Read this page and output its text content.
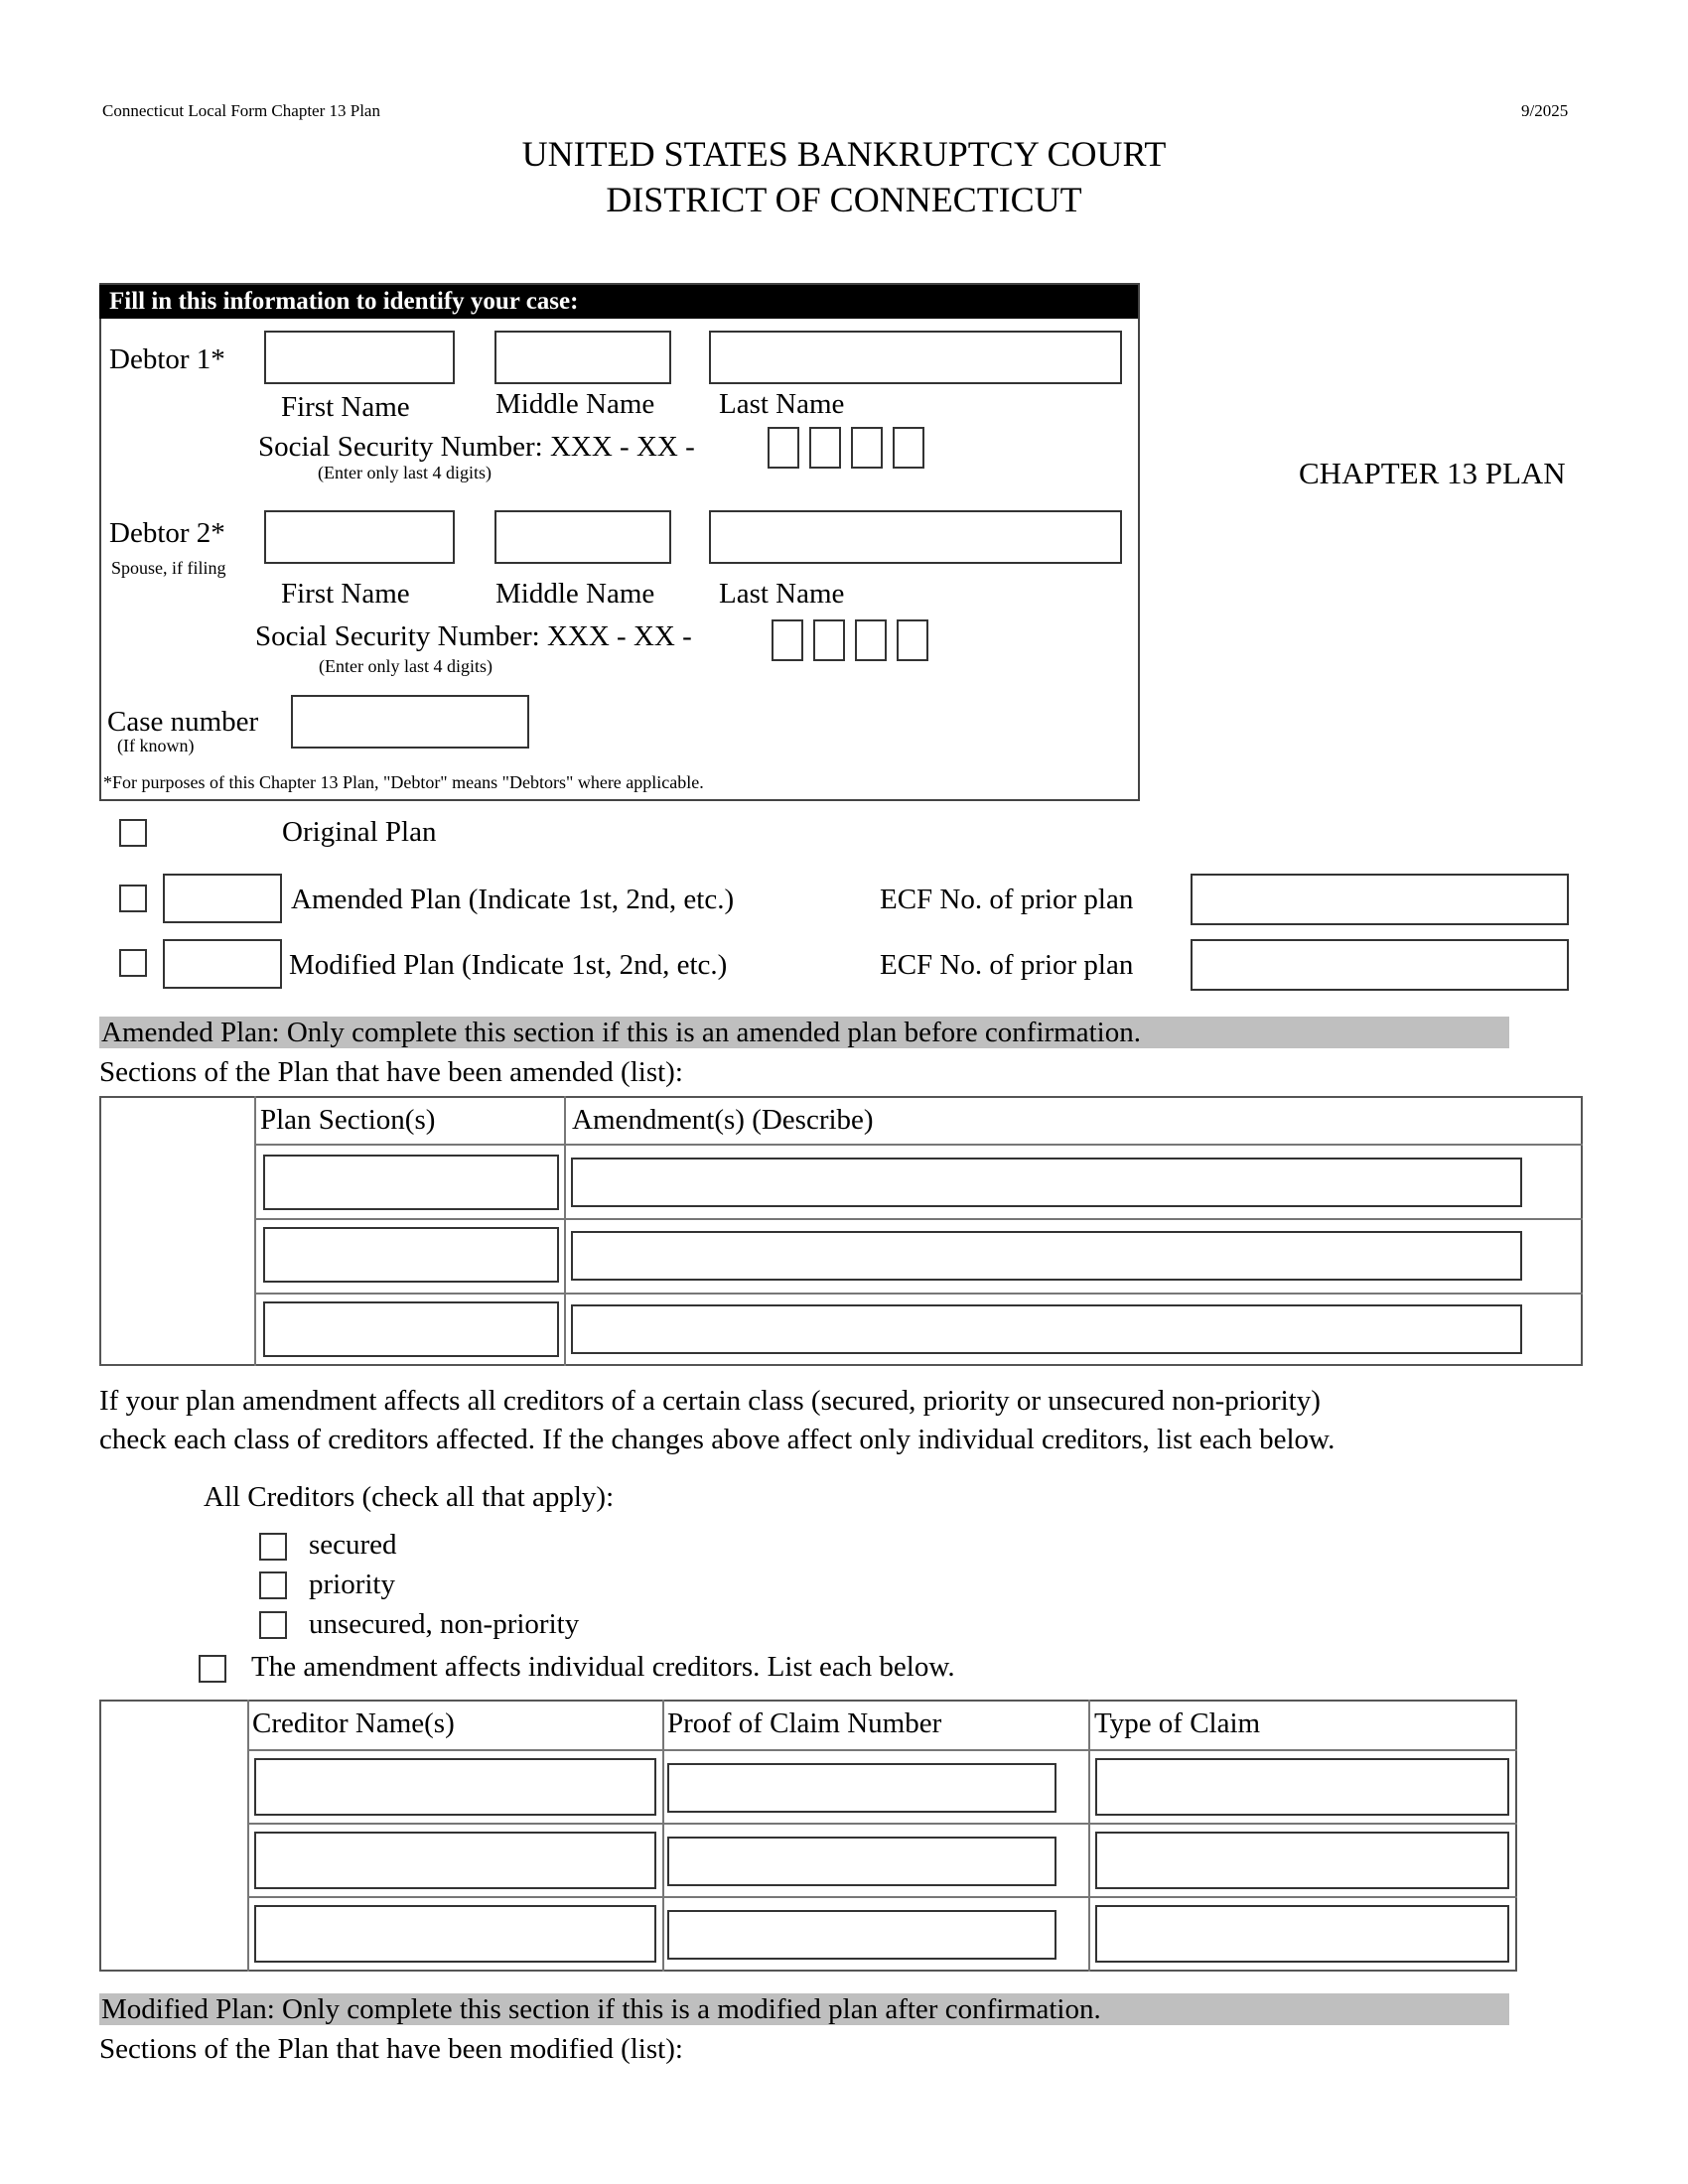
Connecticut Local Form Chapter 13 Plan	9/2025
UNITED STATES BANKRUPTCY COURT
DISTRICT OF CONNECTICUT
CHAPTER 13 PLAN
Fill in this information to identify your case:
Debtor 1*
First Name	Middle Name Last Name
Social Security Number: XXX - XX -
(Enter only last 4 digits)
Debtor 2*
Spouse, if filing
First Name	Middle Name Last Name
Social Security Number: XXX - XX -
(Enter only last 4 digits)
Case number
(If known)
*For purposes of this Chapter 13 Plan, "Debtor" means "Debtors" where applicable.
Original Plan
Amended Plan (Indicate 1st, 2nd, etc.)	ECF No. of prior plan
Modified Plan (Indicate 1st, 2nd, etc.)	ECF No. of prior plan
Amended Plan: Only complete this section if this is an amended plan before confirmation.
Sections of the Plan that have been amended (list):
Plan Section(s)	Amendment(s) (Describe)
If your plan amendment affects all creditors of a certain class (secured, priority or unsecured non-priority)
check each class of creditors affected. If the changes above affect only individual creditors, list each below.
All Creditors (check all that apply):
secured
priority
unsecured, non-priority
The amendment affects individual creditors. List each below.
Creditor Name(s)	Proof of Claim Number	Type of Claim
Modified Plan: Only complete this section if this is a modified plan after confirmation.
Sections of the Plan that have been modified (list):
